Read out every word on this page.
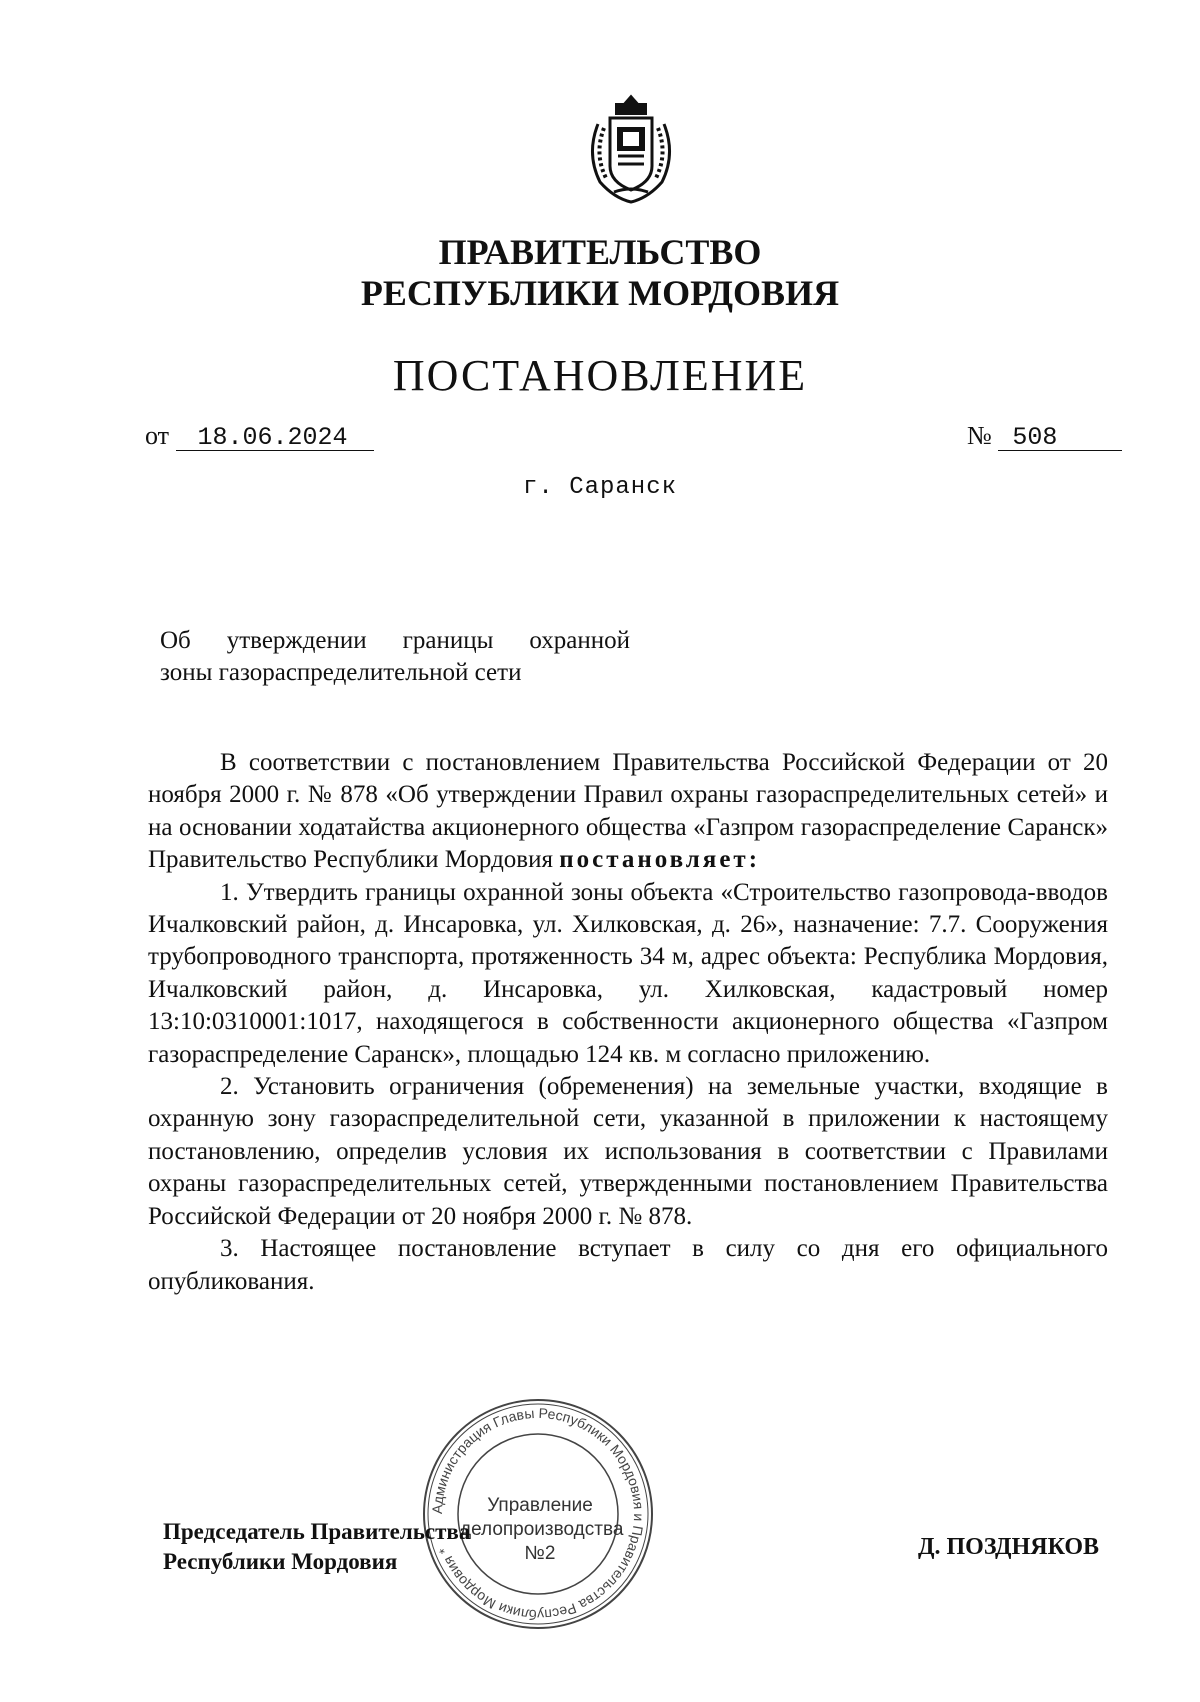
ПРАВИТЕЛЬСТВО
РЕСПУБЛИКИ МОРДОВИЯ
ПОСТАНОВЛЕНИЕ
от 18.06.2024	№ 508
г. Саранск
Об утверждении границы охранной
зоны газораспределительной сети

В соответствии с постановлением Правительства Российской Федерации от 20 ноября 2000 г. № 878 «Об утверждении Правил охраны газораспределительных сетей» и на основании ходатайства акционерного общества «Газпром газораспределение Саранск» Правительство Республики Мордовия постановляет:

1. Утвердить границы охранной зоны объекта «Строительство газопровода-вводов Ичалковский район, д. Инсаровка, ул. Хилковская, д. 26», назначение: 7.7. Сооружения трубопроводного транспорта, протяженность 34 м, адрес объекта: Республика Мордовия, Ичалковский район, д. Инсаровка, ул. Хилковская, кадастровый номер 13:10:0310001:1017, находящегося в собственности акционерного общества «Газпром газораспределение Саранск», площадью 124 кв. м согласно приложению.

2. Установить ограничения (обременения) на земельные участки, входящие в охранную зону газораспределительной сети, указанной в приложении к настоящему постановлению, определив условия их использования в соответствии с Правилами охраны газораспределительных сетей, утвержденными постановлением Правительства Российской Федерации от 20 ноября 2000 г. № 878.

3. Настоящее постановление вступает в силу со дня его официального опубликования.

Администрация Главы Республики Мордовия и Правительства Республики Мордовия *
Управление
делопроизводства
№2
Председатель Правительства
Республики Мордовия
Д. ПОЗДНЯКОВ
